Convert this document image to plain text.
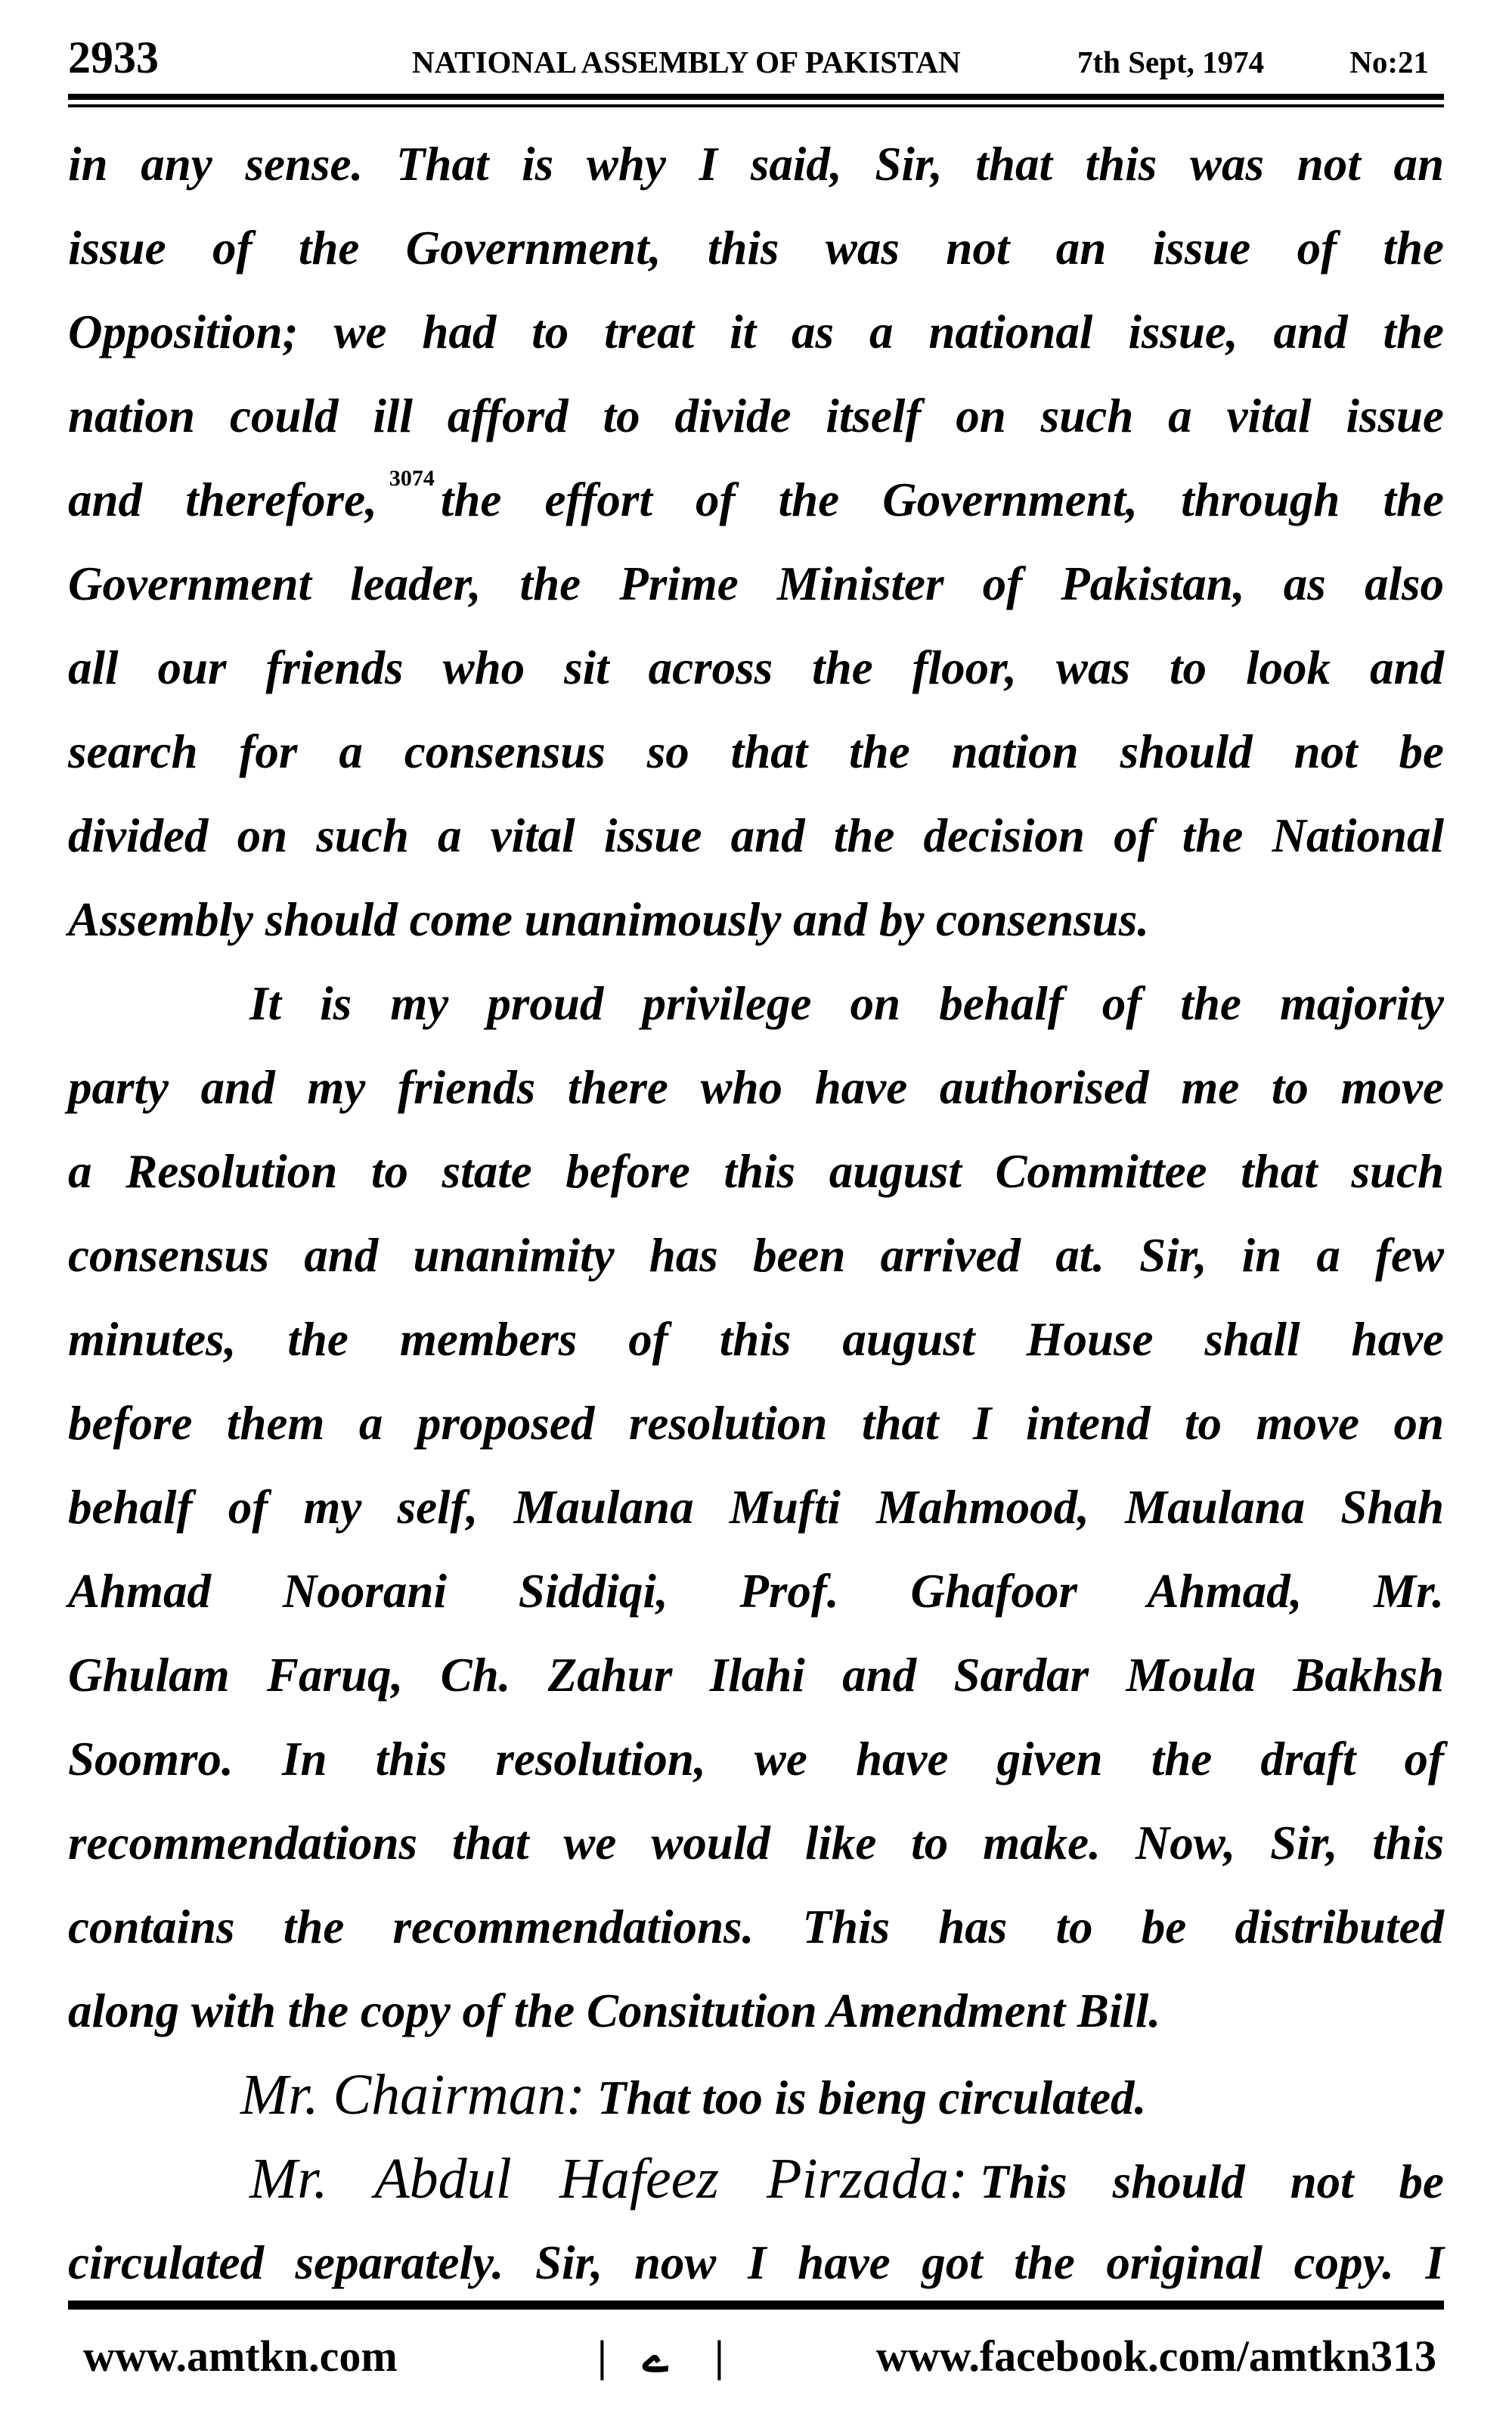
2933	NATIONAL ASSEMBLY OF PAKISTAN	7th Sept, 1974	No:21
in any sense. That is why I said, Sir, that this was not an
issue of the Government, this was not an issue of the
Opposition; we had to treat it as a national issue, and the
nation could ill afford to divide itself on such a vital issue
and therefore, $^{3074}$ the effort of the Government, through the
Government leader, the Prime Minister of Pakistan, as also
all our friends who sit across the floor, was to look and
search for a consensus so that the nation should not be
divided on such a vital issue and the decision of the National
Assembly should come unanimously and by consensus.
It is my proud privilege on behalf of the majority
party and my friends there who have authorised me to move
a Resolution to state before this august Committee that such
consensus and unanimity has been arrived at. Sir, in a few
minutes, the members of this august House shall have
before them a proposed resolution that I intend to move on
behalf of my self, Maulana Mufti Mahmood, Maulana Shah
Ahmad Noorani Siddiqi, Prof. Ghafoor Ahmad, Mr.
Ghulam Faruq, Ch. Zahur Ilahi and Sardar Moula Bakhsh
Soomro. In this resolution, we have given the draft of
recommendations that we would like to make. Now, Sir, this
contains the recommendations. This has to be distributed
along with the copy of the Consitution Amendment Bill.
Mr. Chairman: That too is bieng circulated.
Mr. Abdul Hafeez Pirzada: This should not be
circulated separately. Sir, now I have got the original copy. I
www.amtkn.com	| ے |	www.facebook.com/amtkn313
